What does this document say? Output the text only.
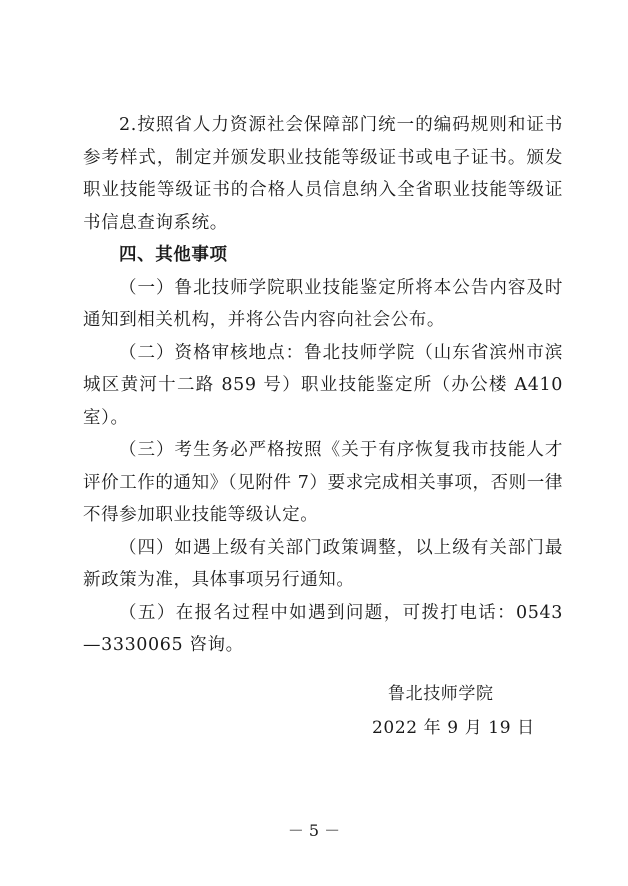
2.按照省人力资源社会保障部门统一的编码规则和证书参考样式，制定并颁发职业技能等级证书或电子证书。颁发职业技能等级证书的合格人员信息纳入全省职业技能等级证书信息查询系统。

四、其他事项

（一）鲁北技师学院职业技能鉴定所将本公告内容及时通知到相关机构，并将公告内容向社会公布。

（二）资格审核地点：鲁北技师学院（山东省滨州市滨城区黄河十二路 859 号）职业技能鉴定所（办公楼 A410 室）。

（三）考生务必严格按照《关于有序恢复我市技能人才评价工作的通知》（见附件 7）要求完成相关事项，否则一律不得参加职业技能等级认定。

（四）如遇上级有关部门政策调整，以上级有关部门最新政策为准，具体事项另行通知。

（五）在报名过程中如遇到问题，可拨打电话：0543—3330065 咨询。

鲁北技师学院
2022 年 9 月 19 日
－ 5 －
